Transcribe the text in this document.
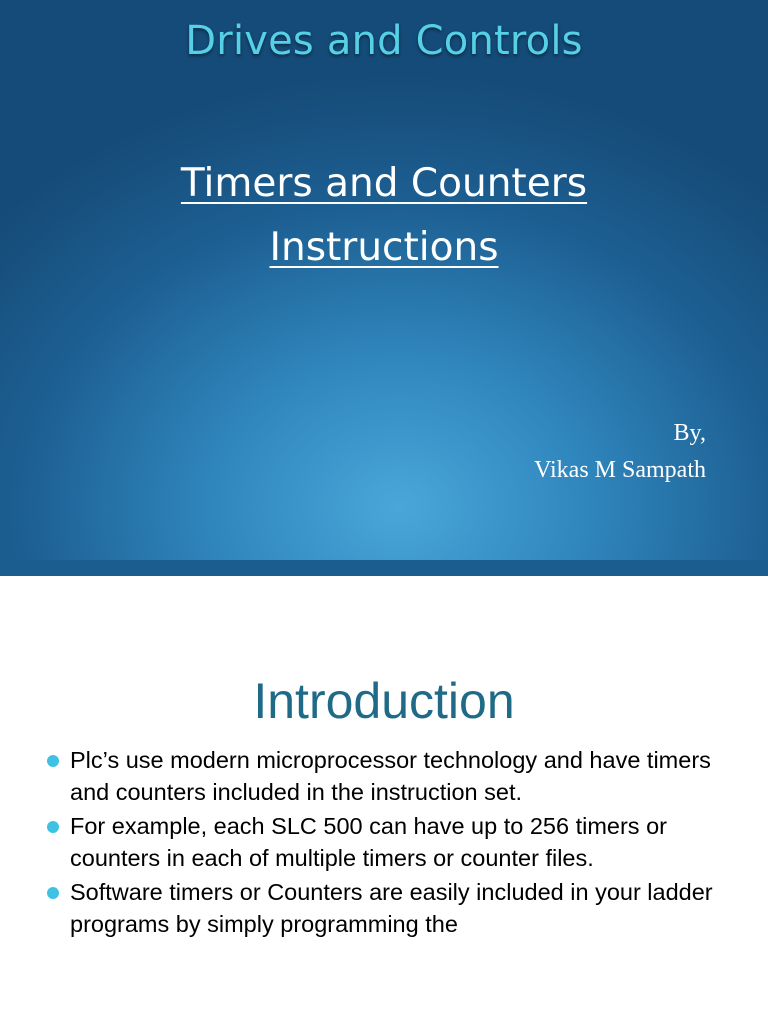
Drives and Controls
Timers and Counters
Instructions
By,
Vikas M Sampath
Introduction
Plc’s use modern microprocessor technology and have timers and counters included in the instruction set.
For example, each SLC 500 can have up to 256 timers or counters in each of multiple timers or counter files.
Software timers or Counters are easily included in your ladder programs by simply programming the
